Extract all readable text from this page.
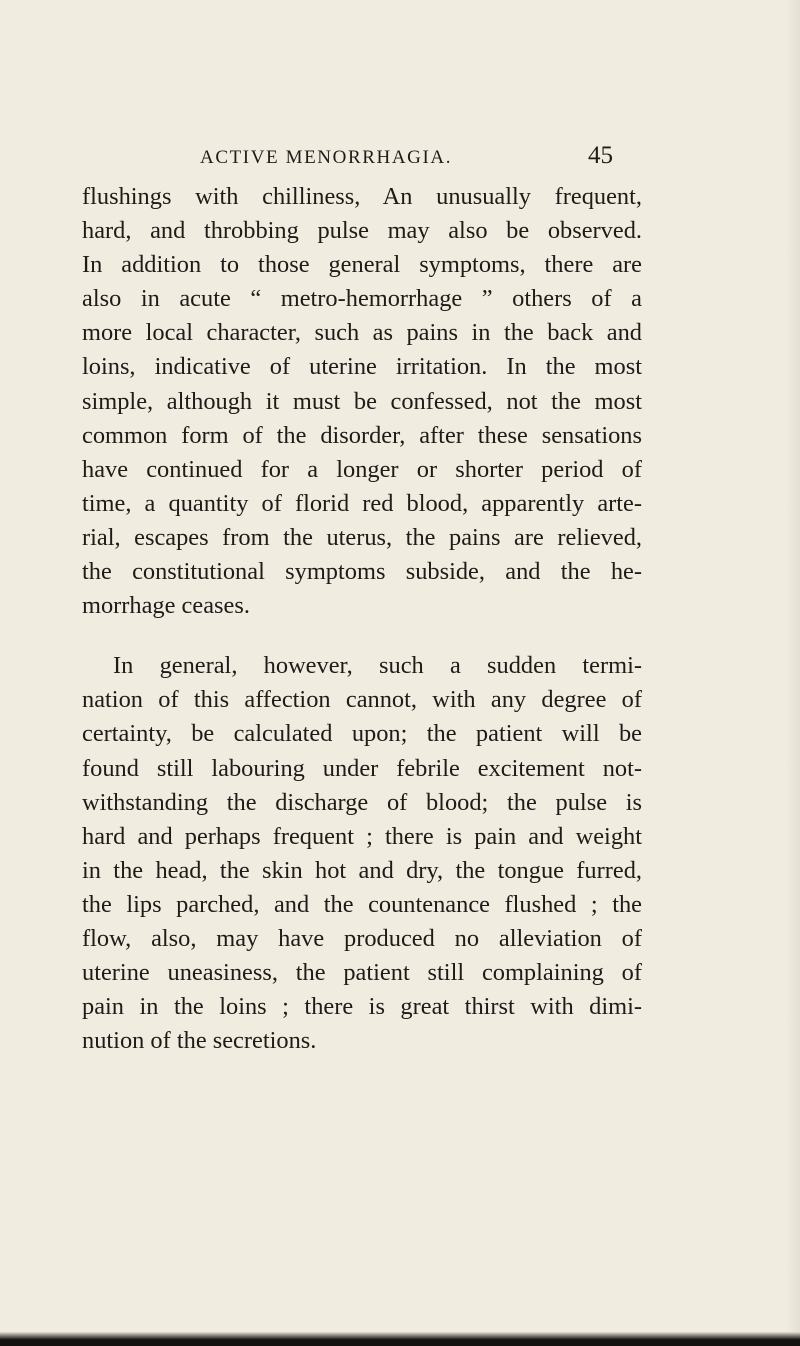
ACTIVE MENORRHAGIA.	45
flushings with chilliness, An unusually frequent,
hard, and throbbing pulse may also be observed.
In addition to those general symptoms, there are
also in acute “ metro-hemorrhage ” others of a
more local character, such as pains in the back and
loins, indicative of uterine irritation. In the most
simple, although it must be confessed, not the most
common form of the disorder, after these sensations
have continued for a longer or shorter period of
time, a quantity of florid red blood, apparently arte-
rial, escapes from the uterus, the pains are relieved,
the constitutional symptoms subside, and the he-
morrhage ceases.
In general, however, such a sudden termi-
nation of this affection cannot, with any degree of
certainty, be calculated upon; the patient will be
found still labouring under febrile excitement not-
withstanding the discharge of blood; the pulse is
hard and perhaps frequent ; there is pain and weight
in the head, the skin hot and dry, the tongue furred,
the lips parched, and the countenance flushed ; the
flow, also, may have produced no alleviation of
uterine uneasiness, the patient still complaining of
pain in the loins ; there is great thirst with dimi-
nution of the secretions.
